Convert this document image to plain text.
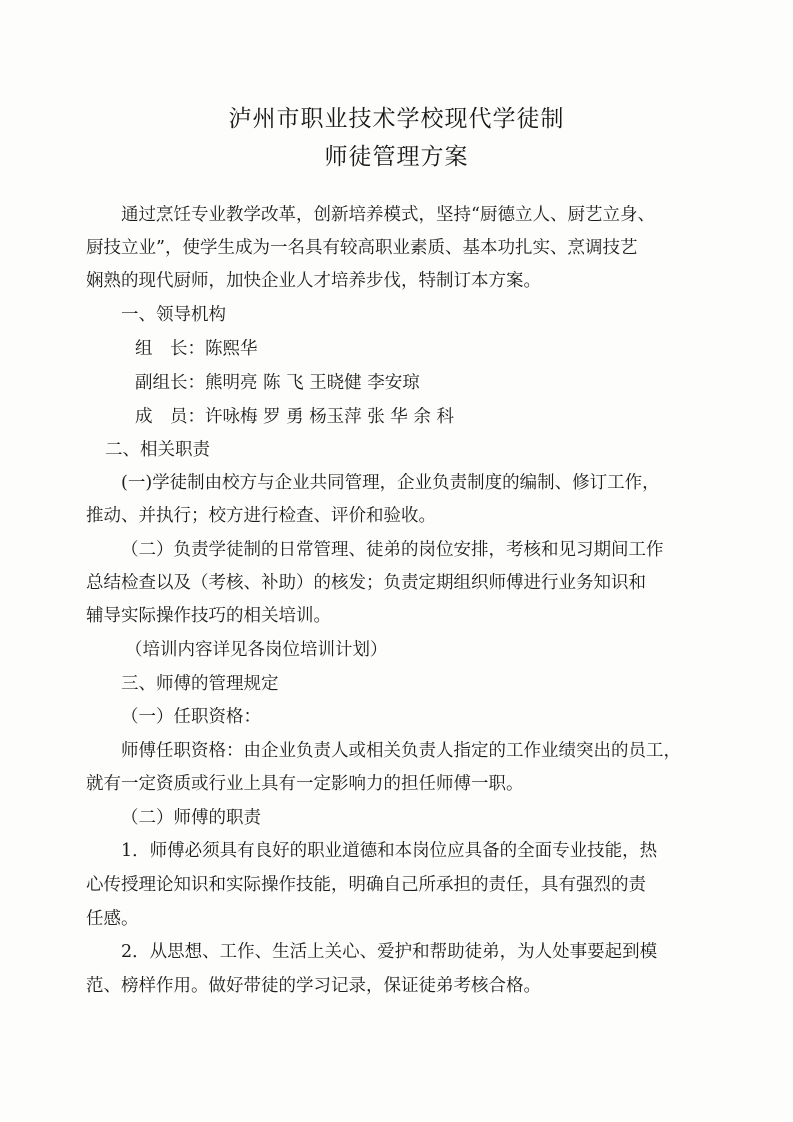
泸州市职业技术学校现代学徒制
师徒管理方案
通过烹饪专业教学改革，创新培养模式，坚持“厨德立人、厨艺立身、
厨技立业”，使学生成为一名具有较高职业素质、基本功扎实、烹调技艺
娴熟的现代厨师，加快企业人才培养步伐，特制订本方案。
一、领导机构
组　长：陈熙华
副组长：熊明亮 陈 飞 王晓健 李安琼
成　员：许咏梅 罗 勇 杨玉萍 张 华 余 科
二、相关职责
(一)学徒制由校方与企业共同管理，企业负责制度的编制、修订工作，
推动、并执行；校方进行检查、评价和验收。
（二）负责学徒制的日常管理、徒弟的岗位安排，考核和见习期间工作
总结检查以及（考核、补助）的核发；负责定期组织师傅进行业务知识和
辅导实际操作技巧的相关培训。
（培训内容详见各岗位培训计划）
三、师傅的管理规定
（一）任职资格：
师傅任职资格：由企业负责人或相关负责人指定的工作业绩突出的员工，
就有一定资质或行业上具有一定影响力的担任师傅一职。
（二）师傅的职责
1．师傅必须具有良好的职业道德和本岗位应具备的全面专业技能，热
心传授理论知识和实际操作技能，明确自己所承担的责任，具有强烈的责
任感。
2．从思想、工作、生活上关心、爱护和帮助徒弟，为人处事要起到模
范、榜样作用。做好带徒的学习记录，保证徒弟考核合格。
